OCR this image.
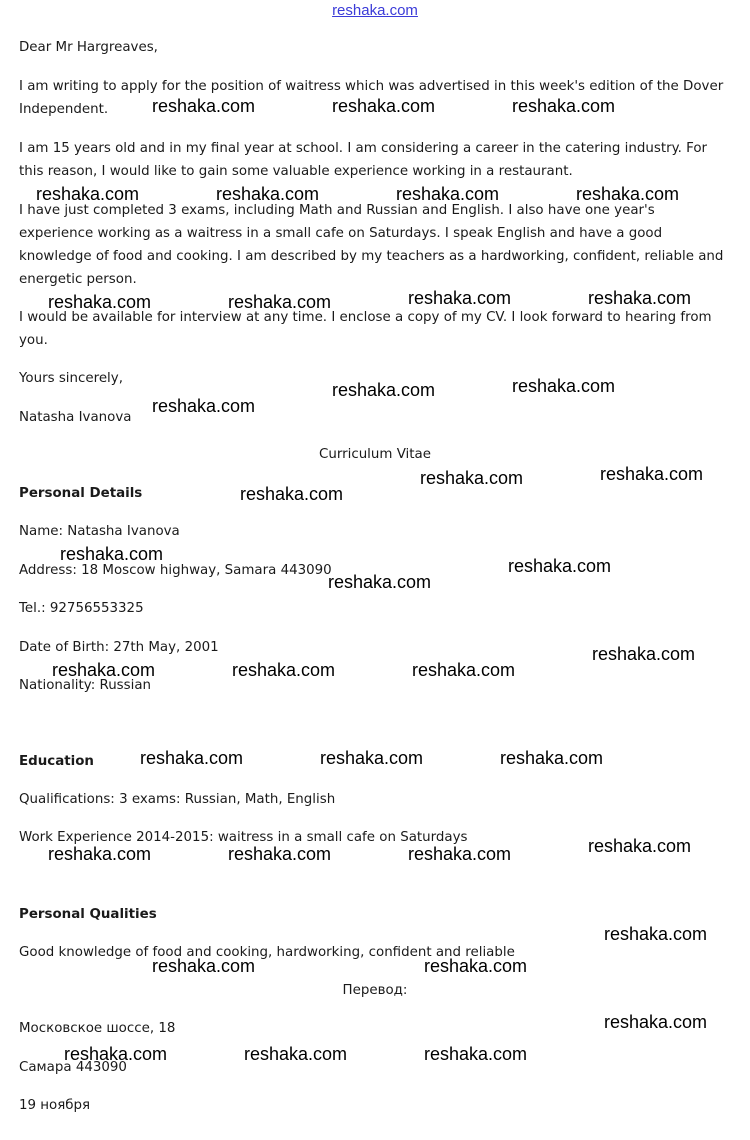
reshaka.com

Dear Mr Hargreaves,

I am writing to apply for the position of waitress which was advertised in this week's edition of the Dover Independent.

I am 15 years old and in my final year at school. I am considering a career in the catering industry. For this reason, I would like to gain some valuable experience working in a restaurant.

I have just completed 3 exams, including Math and Russian and English. I also have one year's experience working as a waitress in a small cafe on Saturdays. I speak English and have a good knowledge of food and cooking. I am described by my teachers as a hardworking, confident, reliable and energetic person.

I would be available for interview at any time. I enclose a copy of my CV. I look forward to hearing from you.

Yours sincerely,

Natasha Ivanova

Curriculum Vitae

Personal Details

Name: Natasha Ivanova

Address: 18 Moscow highway, Samara 443090

Tel.: 92756553325

Date of Birth: 27th May, 2001

Nationality: Russian

Education

Qualifications: 3 exams: Russian, Math, English

Work Experience 2014-2015: waitress in a small cafe on Saturdays

Personal Qualities

Good knowledge of food and cooking, hardworking, confident and reliable

Перевод:

Московское шоссе, 18

Самара 443090

19 ноября

reshaka.com	reshaka.com	reshaka.com
reshaka.com	reshaka.com	reshaka.com	reshaka.com
reshaka.com	reshaka.com	reshaka.com	reshaka.com
reshaka.com	reshaka.com
reshaka.com
reshaka.com	reshaka.com
reshaka.com
reshaka.com
reshaka.com
reshaka.com
reshaka.com
reshaka.com	reshaka.com	reshaka.com
reshaka.com	reshaka.com	reshaka.com
reshaka.com
reshaka.com	reshaka.com	reshaka.com
reshaka.com
reshaka.com	reshaka.com
reshaka.com
reshaka.com	reshaka.com	reshaka.com
